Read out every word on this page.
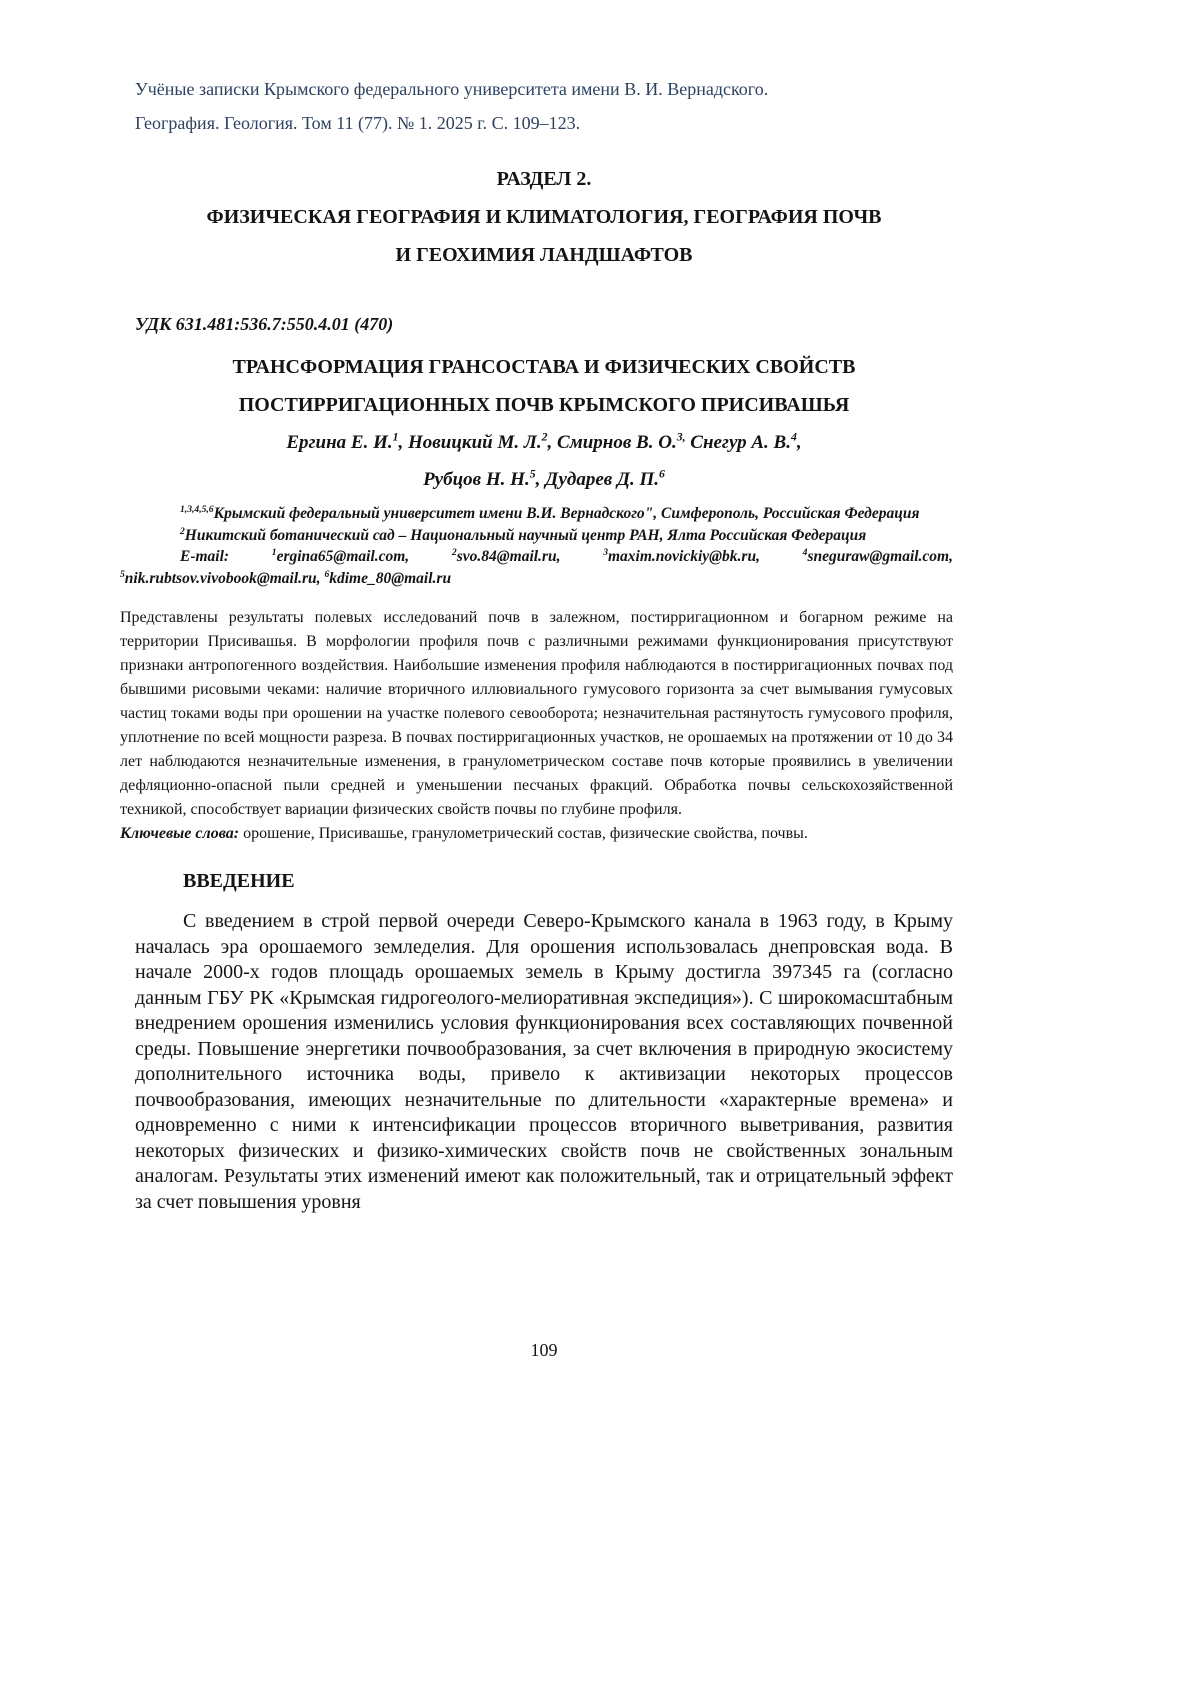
Учёные записки Крымского федерального университета имени В. И. Вернадского.
География. Геология. Том 11 (77). № 1. 2025 г. С. 109–123.
РАЗДЕЛ 2.
ФИЗИЧЕСКАЯ ГЕОГРАФИЯ И КЛИМАТОЛОГИЯ, ГЕОГРАФИЯ ПОЧВ
И ГЕОХИМИЯ ЛАНДШАФТОВ
УДК 631.481:536.7:550.4.01 (470)
ТРАНСФОРМАЦИЯ ГРАНСОСТАВА И ФИЗИЧЕСКИХ СВОЙСТВ
ПОСТИРРИГАЦИОННЫХ ПОЧВ КРЫМСКОГО ПРИСИВАШЬЯ
Ергина Е. И.$^1$, Новицкий М. Л.$^2$, Смирнов В. О.$^{3,}$ Снегур А. В.$^4$,
Рубцов Н. Н.$^5$, Дударев Д. П.$^6$

$^{1,3,4,5,6}$Крымский федеральный университет имени В.И. Вернадского", Симферополь, Российская Федерация

$^2$Никитский ботанический сад – Национальный научный центр РАН, Ялта Российская Федерация

E-mail: $^1$ergina65@mail.com, $^2$svo.84@mail.ru, $^3$maxim.novickiy@bk.ru, $^4$sneguraw@gmail.com, $^5$nik.rubtsov.vivobook@mail.ru, $^6$kdime_80@mail.ru

Представлены результаты полевых исследований почв в залежном, постирригационном и богарном режиме на территории Присивашья. В морфологии профиля почв с различными режимами функционирования присутствуют признаки антропогенного воздействия. Наибольшие изменения профиля наблюдаются в постирригационных почвах под бывшими рисовыми чеками: наличие вторичного иллювиального гумусового горизонта за счет вымывания гумусовых частиц токами воды при орошении на участке полевого севооборота; незначительная растянутость гумусового профиля, уплотнение по всей мощности разреза. В почвах постирригационных участков, не орошаемых на протяжении от 10 до 34 лет наблюдаются незначительные изменения, в гранулометрическом составе почв которые проявились в увеличении дефляционно-опасной пыли средней и уменьшении песчаных фракций. Обработка почвы сельскохозяйственной техникой, способствует вариации физических свойств почвы по глубине профиля.

Ключевые слова: орошение, Присивашье, гранулометрический состав, физические свойства, почвы.

ВВЕДЕНИЕ

С введением в строй первой очереди Северо-Крымского канала в 1963 году, в Крыму началась эра орошаемого земледелия. Для орошения использовалась днепровская вода. В начале 2000-х годов площадь орошаемых земель в Крыму достигла 397345 га (согласно данным ГБУ РК «Крымская гидрогеолого-мелиоративная экспедиция»). С широкомасштабным внедрением орошения изменились условия функционирования всех составляющих почвенной среды. Повышение энергетики почвообразования, за счет включения в природную экосистему дополнительного источника воды, привело к активизации некоторых процессов почвообразования, имеющих незначительные по длительности «характерные времена» и одновременно с ними к интенсификации процессов вторичного выветривания, развития некоторых физических и физико-химических свойств почв не свойственных зональным аналогам. Результаты этих изменений имеют как положительный, так и отрицательный эффект за счет повышения уровня

109
